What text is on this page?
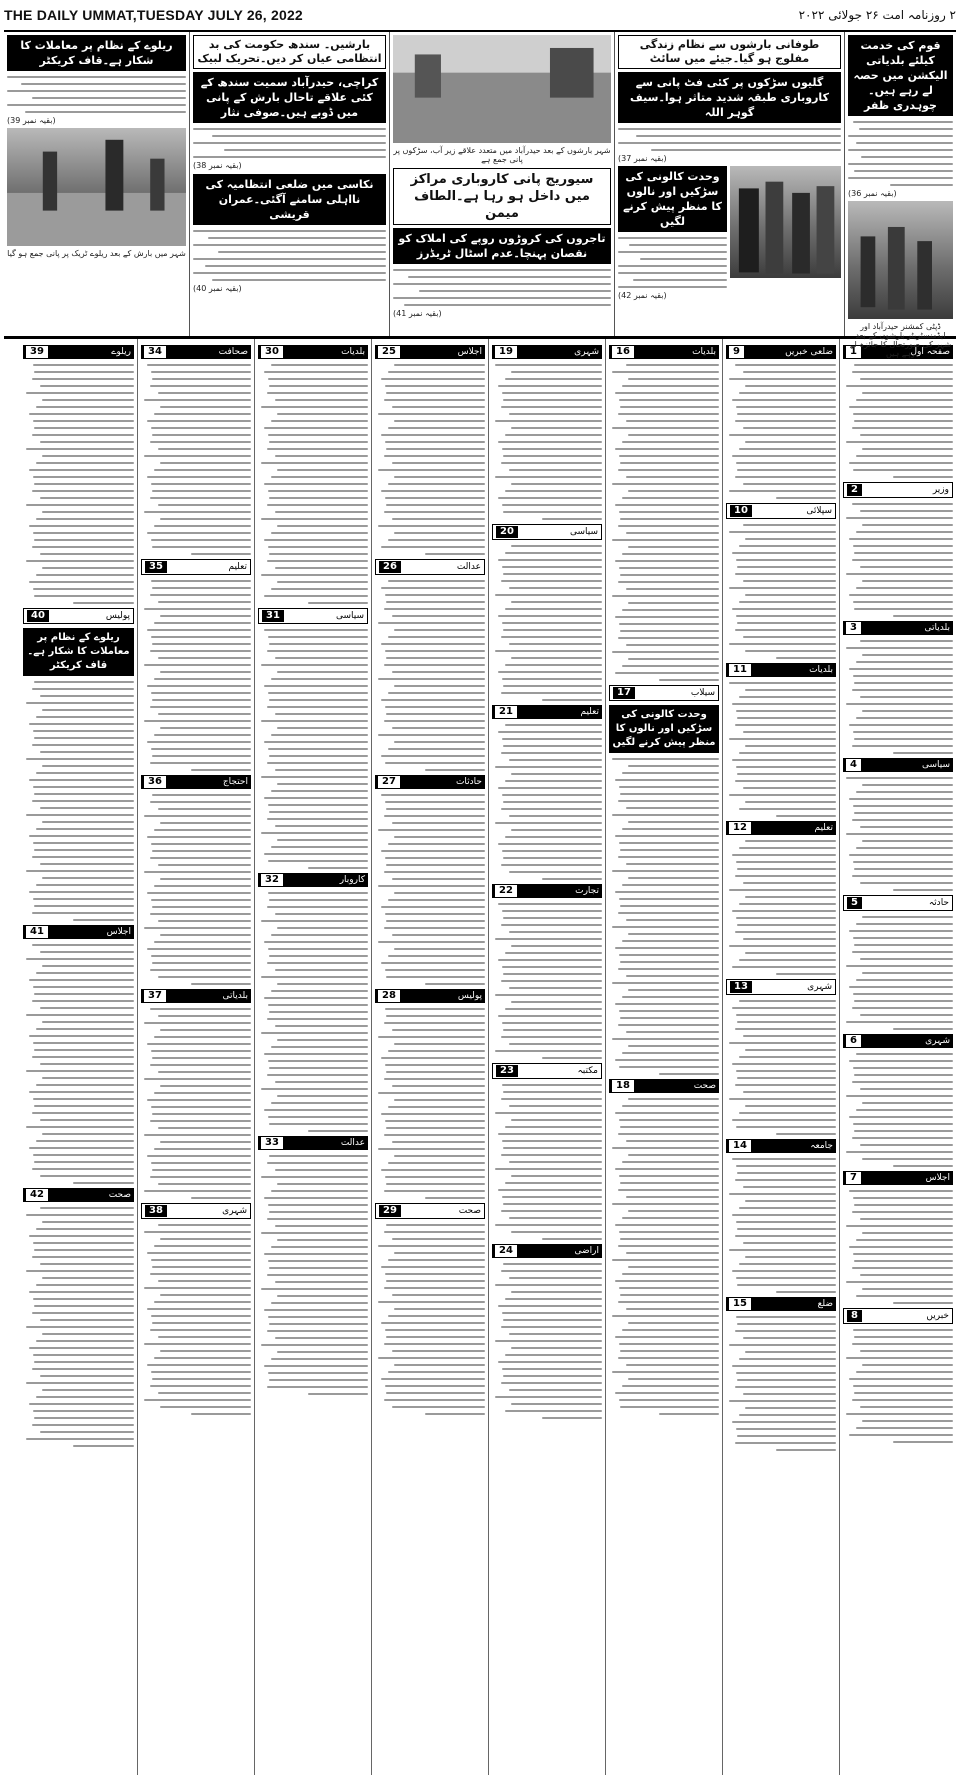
THE DAILY UMMAT,TUESDAY JULY 26, 2022	۲ روزنامہ امت ۲۶ جولائی ۲۰۲۲
قوم کی خدمت کیلئے بلدیاتی الیکشن میں حصہ لے رہے ہیں۔چوہدری ظفر
(بقیہ نمبر 36)
ڈپٹی کمشنر حیدرآباد اور ایڈمنسٹریٹر بارشوں کے بعد شہر کی صورتحال کا جائزہ لے رہے ہیں
طوفانی بارشوں سے نظام زندگی مفلوج ہو گیا۔جیئے میں سائٹ
گلیوں سڑکوں پر کئی فٹ پانی سے کاروباری طبقہ شدید متاثر ہوا۔سیف گوہر اللہ
(بقیہ نمبر 37)
وحدت کالونی کی سڑکیں اور نالوں کا منظر پیش کرنے لگیں
(بقیہ نمبر 42)
شہر بارشوں کے بعد حیدرآباد میں متعدد علاقے زیر آب، سڑکوں پر پانی جمع ہے
سیوریج پانی کاروباری مراکز میں داخل ہو رہا ہے۔الطاف میمن
تاجروں کی کروڑوں روپے کی املاک کو نقصان پہنچا۔عدم اسٹال ٹریڈرز
(بقیہ نمبر 41)
بارشیں۔ سندھ حکومت کی بد انتظامی عیاں کر دیں۔تحریک لبیک
کراچی، حیدرآباد سمیت سندھ کے کئی علاقے تاحال بارش کے پانی میں ڈوبے ہیں۔صوفی نثار
(بقیہ نمبر 38)
نکاسی میں ضلعی انتظامیہ کی نااہلی سامنے آگئی۔عمران قریشی
(بقیہ نمبر 40)
ریلوے کے نظام پر معاملات کا شکار ہے۔قاف کریکٹر
(بقیہ نمبر 39)
شہر میں بارش کے بعد ریلوے ٹریک پر پانی جمع ہو گیا
1	صفحہ اول
2	وزیر
3	بلدیاتی
4	سیاسی
5	حادثہ
6	شہری
7	اجلاس
8	خبریں
9	ضلعی خبریں
10	سپلائی
11	بلدیات
12	تعلیم
13	شہری
14	جامعہ
15	ضلع
16	بلدیات
17	سیلاب
وحدت کالونی کی سڑکیں اور نالوں کا منظر پیش کرنے لگیں
18	صحت
19	شہری
20	سیاسی
21	تعلیم
22	تجارت
23	مکتبہ
24	اراضی
25	اجلاس
26	عدالت
27	حادثات
28	پولیس
29	صحت
30	بلدیات
31	سیاسی
32	کاروبار
33	عدالت
34	صحافت
35	تعلیم
36	احتجاج
37	بلدیاتی
38	شہری
39	ریلوے
40	پولیس
ریلوے کے نظام پر معاملات کا شکار ہے۔قاف کریکٹر
41	اجلاس
42	صحت
